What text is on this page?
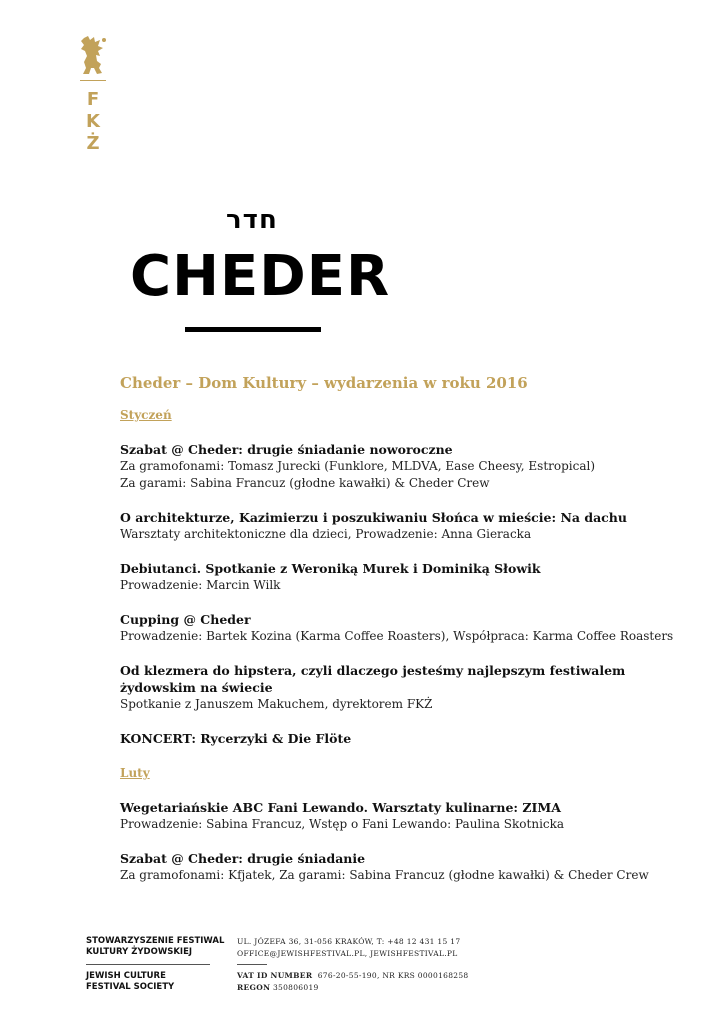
F
K
Ż
חדר
CHEDER
Cheder – Dom Kultury – wydarzenia w roku 2016
Styczeń
Szabat @ Cheder: drugie śniadanie noworoczne
Za gramofonami: Tomasz Jurecki (Funklore, MLDVA, Ease Cheesy, Estropical)
Za garami: Sabina Francuz (głodne kawałki) & Cheder Crew
O architekturze, Kazimierzu i poszukiwaniu Słońca w mieście: Na dachu
Warsztaty architektoniczne dla dzieci, Prowadzenie: Anna Gieracka
Debiutanci. Spotkanie z Weroniką Murek i Dominiką Słowik
Prowadzenie: Marcin Wilk
Cupping @ Cheder
Prowadzenie: Bartek Kozina (Karma Coffee Roasters), Współpraca: Karma Coffee Roasters
Od klezmera do hipstera, czyli dlaczego jesteśmy najlepszym festiwalem żydowskim na świecie
Spotkanie z Januszem Makuchem, dyrektorem FKŻ
KONCERT: Rycerzyki & Die Flöte
Luty
Wegetariańskie ABC Fani Lewando. Warsztaty kulinarne: ZIMA
Prowadzenie: Sabina Francuz, Wstęp o Fani Lewando: Paulina Skotnicka
Szabat @ Cheder: drugie śniadanie
Za gramofonami: Kfjatek, Za garami: Sabina Francuz (głodne kawałki) & Cheder Crew
STOWARZYSZENIE FESTIWAL
KULTURY ŻYDOWSKIEJ
JEWISH CULTURE
FESTIVAL SOCIETY
UL. JÓZEFA 36, 31-056 KRAKÓW, T: +48 12 431 15 17
OFFICE@JEWISHFESTIVAL.PL, JEWISHFESTIVAL.PL
VAT ID NUMBER 676-20-55-190, NR KRS 0000168258
REGON 350806019
